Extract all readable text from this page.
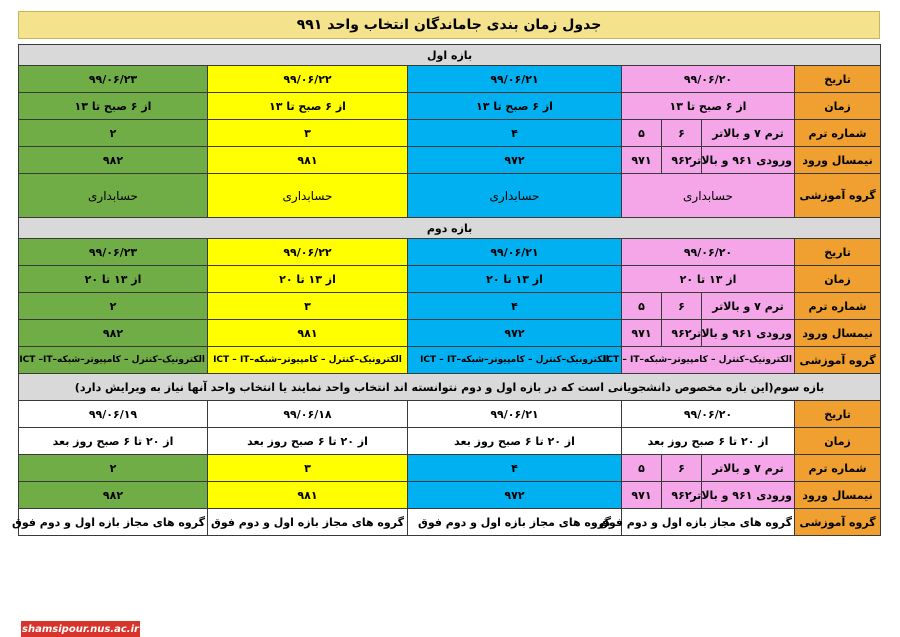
جدول زمان بندی جاماندگان انتخاب واحد ۹۹۱
بازه اول						
۹۹/۰۶/۲۳	۹۹/۰۶/۲۲	۹۹/۰۶/۲۱	۹۹/۰۶/۲۰			تاریخ
از ۶ صبح تا ۱۳	از ۶ صبح تا ۱۳	از ۶ صبح تا ۱۳	از ۶ صبح تا ۱۳			زمان
۲	۳	۴	۵	۶	ترم ۷ و بالاتر	شماره ترم
۹۸۲	۹۸۱	۹۷۲	۹۷۱	۹۶۲	ورودی ۹۶۱ و بالاتر	نیمسال ورود
حسابداری	حسابداری	حسابداری	حسابداری			گروه آموزشی
بازه دوم						
۹۹/۰۶/۲۳	۹۹/۰۶/۲۲	۹۹/۰۶/۲۱	۹۹/۰۶/۲۰			تاریخ
از ۱۳ تا ۲۰	از ۱۳ تا ۲۰	از ۱۳ تا ۲۰	از ۱۳ تا ۲۰			زمان
۲	۳	۴	۵	۶	ترم ۷ و بالاتر	شماره ترم
۹۸۲	۹۸۱	۹۷۲	۹۷۱	۹۶۲	ورودی ۹۶۱ و بالاتر	نیمسال ورود
الکترونیک–کنترل – کامپیوتر–شبکه–ICT –IT	الکترونیک–کنترل – کامپیوتر–شبکه–ICT – IT	الکترونیک–کنترل – کامپیوتر–شبکه–ICT – IT	الکترونیک–کنترل – کامپیوتر–شبکه–ICT – IT			گروه آموزشی
بازه سوم(این بازه مخصوص دانشجویانی است که در بازه اول و دوم نتوانسته اند انتخاب واحد نمایند یا انتخاب واحد آنها نیاز به ویرایش دارد)						
۹۹/۰۶/۱۹	۹۹/۰۶/۱۸	۹۹/۰۶/۲۱	۹۹/۰۶/۲۰			تاریخ
از ۲۰ تا ۶ صبح روز بعد	از ۲۰ تا ۶ صبح روز بعد	از ۲۰ تا ۶ صبح روز بعد	از ۲۰ تا ۶ صبح روز بعد			زمان
۲	۳	۴	۵	۶	ترم ۷ و بالاتر	شماره ترم
۹۸۲	۹۸۱	۹۷۲	۹۷۱	۹۶۲	ورودی ۹۶۱ و بالاتر	نیمسال ورود
گروه های مجاز بازه اول و دوم فوق	گروه های مجاز بازه اول و دوم فوق	گروه های مجاز بازه اول و دوم فوق	گروه های مجاز بازه اول و دوم فوق			گروه آموزشی
shamsipour.nus.ac.ir
